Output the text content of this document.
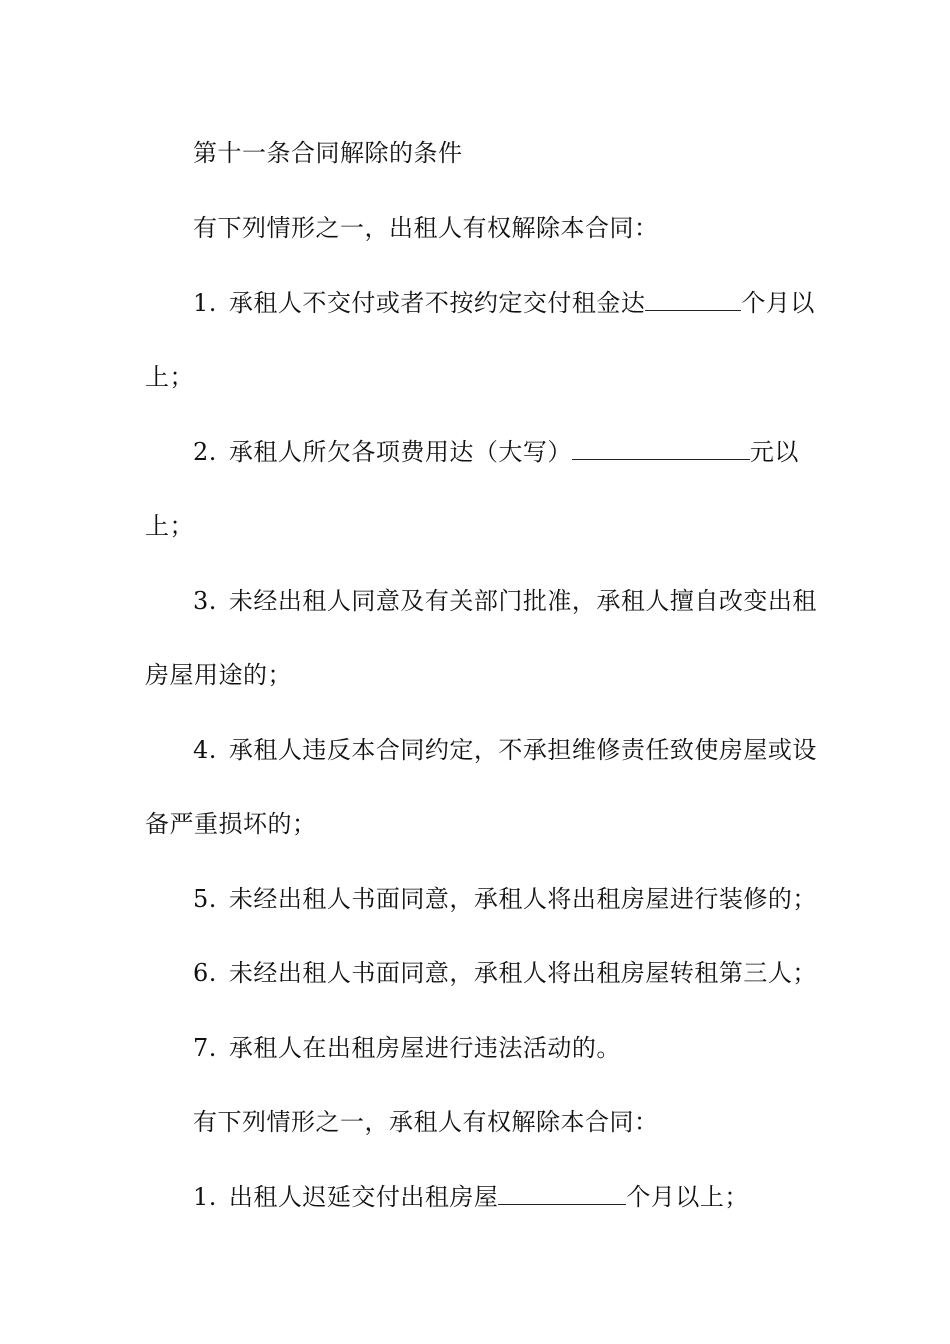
第十一条合同解除的条件
有下列情形之一，出租人有权解除本合同：
1. 承租人不交付或者不按约定交付租金达	个月以
上；
2. 承租人所欠各项费用达（大写）	元以
上；
3. 未经出租人同意及有关部门批准，承租人擅自改变出租
房屋用途的；
4. 承租人违反本合同约定，不承担维修责任致使房屋或设
备严重损坏的；
5. 未经出租人书面同意，承租人将出租房屋进行装修的；
6. 未经出租人书面同意，承租人将出租房屋转租第三人；
7. 承租人在出租房屋进行违法活动的。
有下列情形之一，承租人有权解除本合同：
1. 出租人迟延交付出租房屋	个月以上；
